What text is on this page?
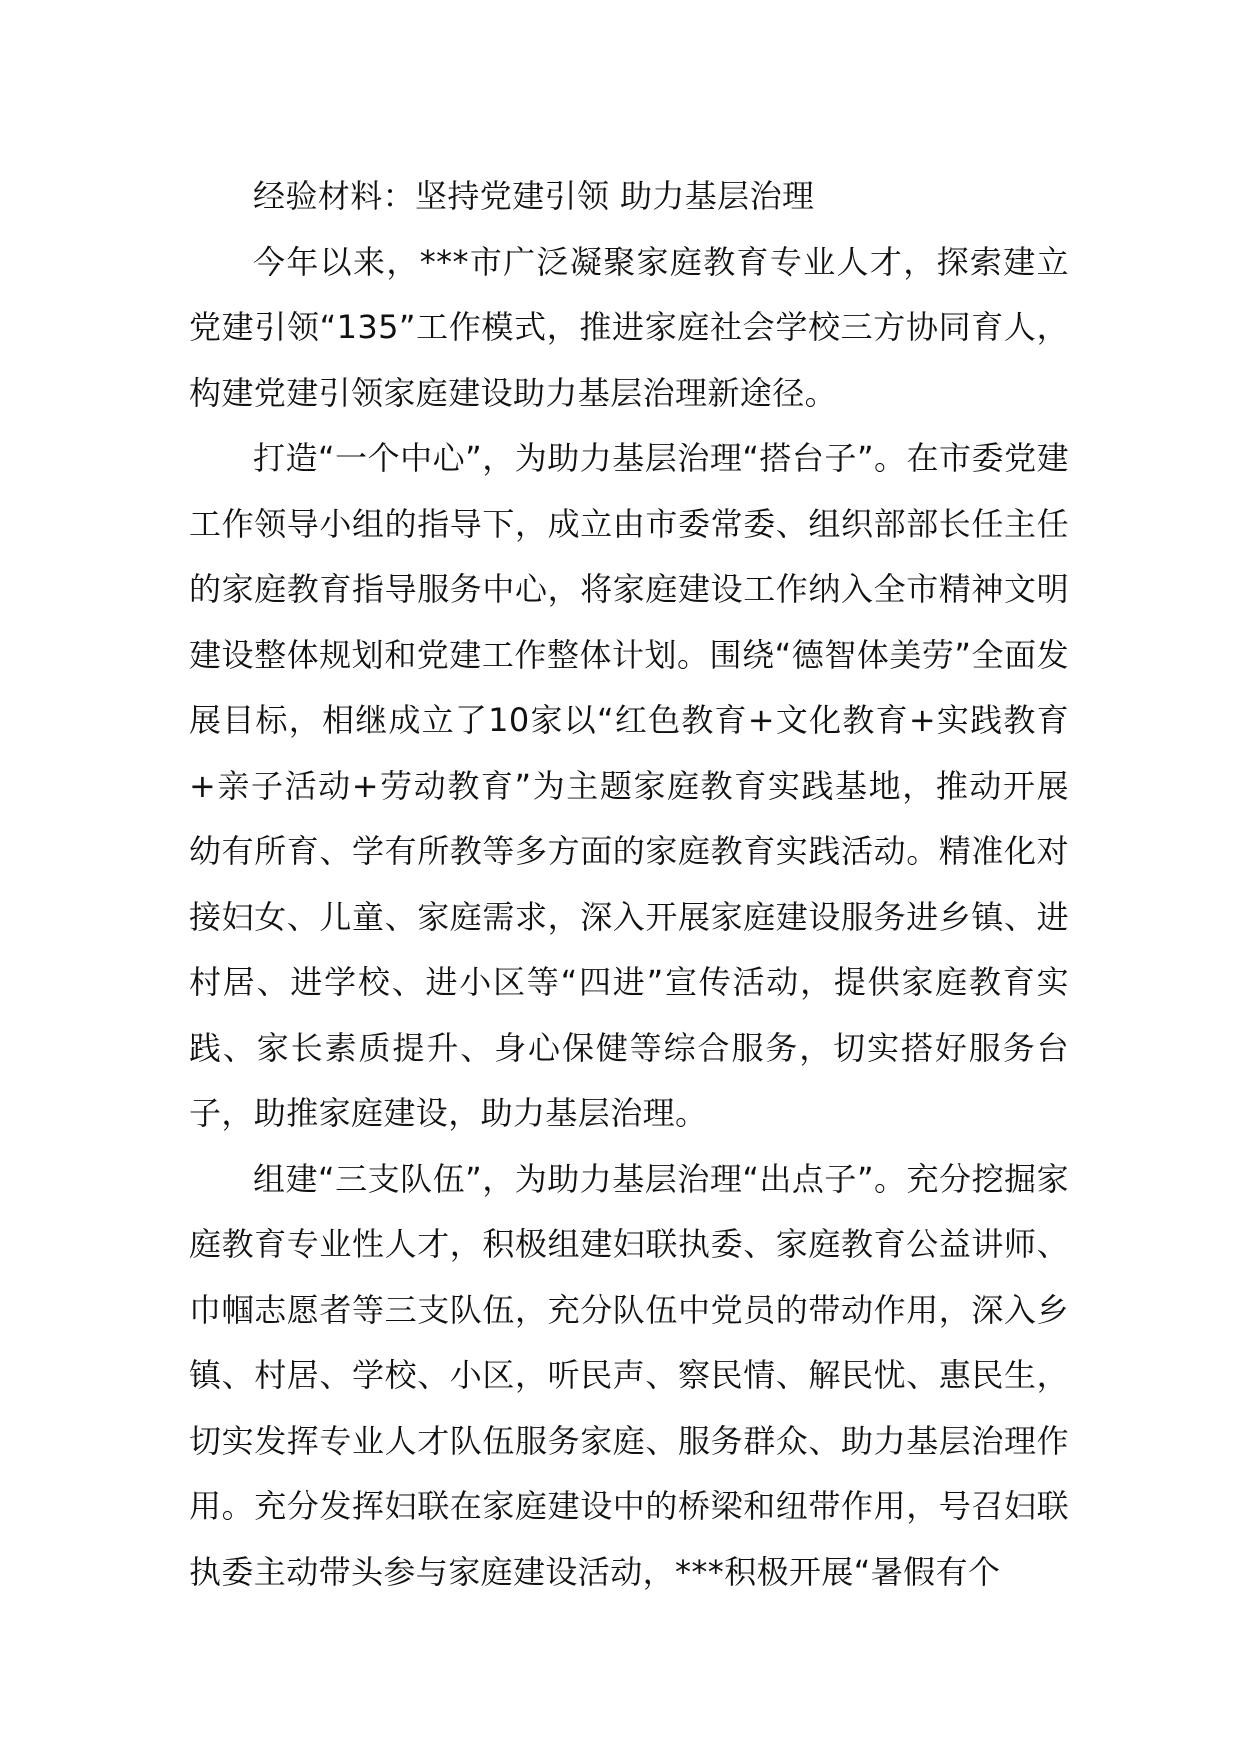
经验材料：坚持党建引领 助力基层治理

今年以来，***市广泛凝聚家庭教育专业人才，探索建立党建引领“135”工作模式，推进家庭社会学校三方协同育人，构建党建引领家庭建设助力基层治理新途径。

打造“一个中心”，为助力基层治理“搭台子”。在市委党建工作领导小组的指导下，成立由市委常委、组织部部长任主任的家庭教育指导服务中心，将家庭建设工作纳入全市精神文明建设整体规划和党建工作整体计划。围绕“德智体美劳”全面发展目标，相继成立了10家以“红色教育+文化教育+实践教育+亲子活动+劳动教育”为主题家庭教育实践基地，推动开展幼有所育、学有所教等多方面的家庭教育实践活动。精准化对接妇女、儿童、家庭需求，深入开展家庭建设服务进乡镇、进村居、进学校、进小区等“四进”宣传活动，提供家庭教育实践、家长素质提升、身心保健等综合服务，切实搭好服务台子，助推家庭建设，助力基层治理。

组建“三支队伍”，为助力基层治理“出点子”。充分挖掘家庭教育专业性人才，积极组建妇联执委、家庭教育公益讲师、巾帼志愿者等三支队伍，充分队伍中党员的带动作用，深入乡镇、村居、学校、小区，听民声、察民情、解民忧、惠民生，切实发挥专业人才队伍服务家庭、服务群众、助力基层治理作用。充分发挥妇联在家庭建设中的桥梁和纽带作用，号召妇联执委主动带头参与家庭建设活动，***积极开展“暑假有个
